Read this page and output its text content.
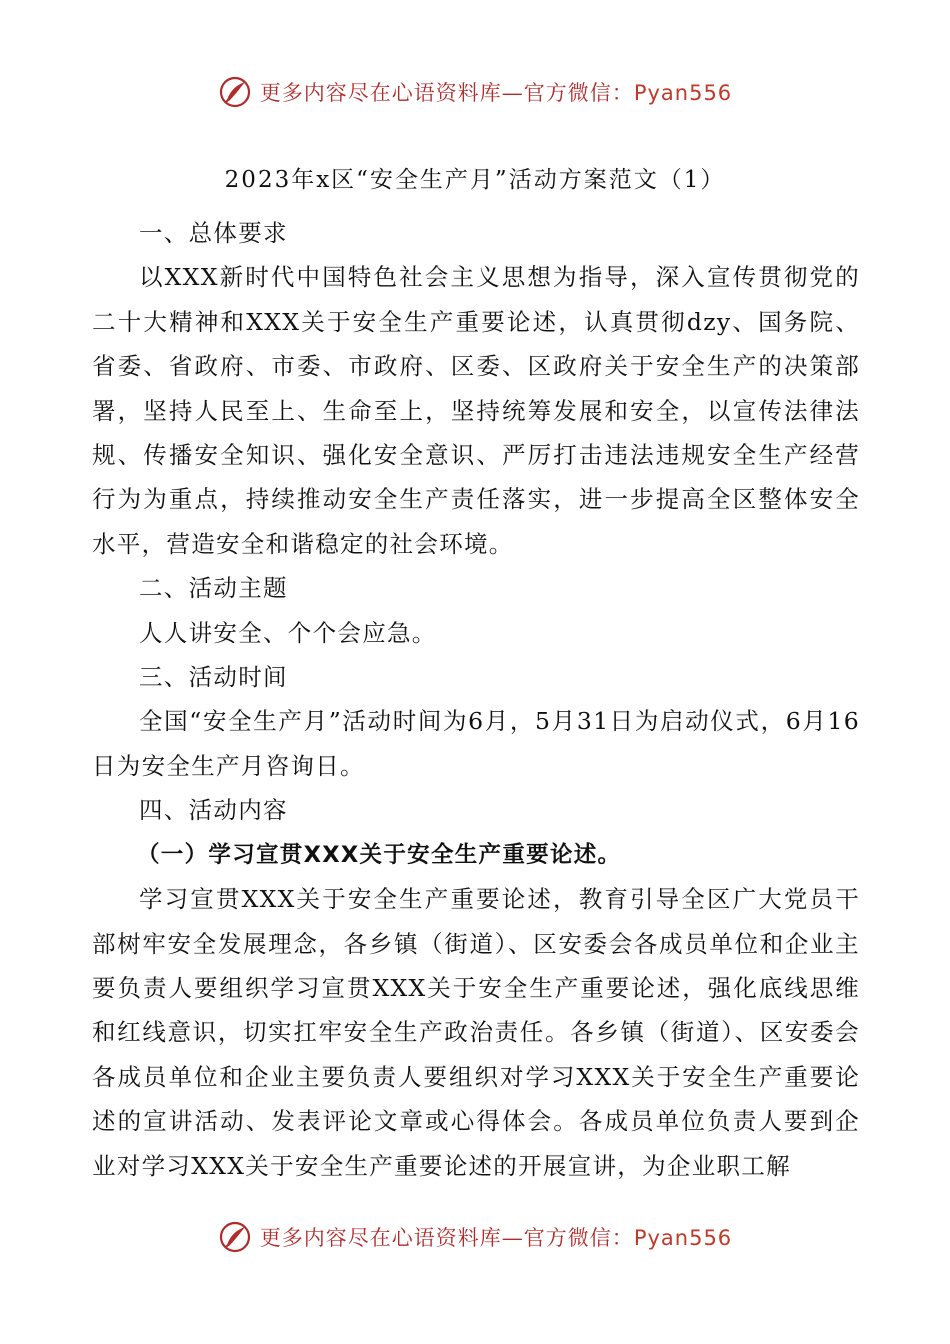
更多内容尽在心语资料库—官方微信：Pyan556
2023年x区“安全生产月”活动方案范文（1）

一、总体要求

以XXX新时代中国特色社会主义思想为指导，深入宣传贯彻党的二十大精神和XXX关于安全生产重要论述，认真贯彻dzy、国务院、省委、省政府、市委、市政府、区委、区政府关于安全生产的决策部署，坚持人民至上、生命至上，坚持统筹发展和安全，以宣传法律法规、传播安全知识、强化安全意识、严厉打击违法违规安全生产经营行为为重点，持续推动安全生产责任落实，进一步提高全区整体安全水平，营造安全和谐稳定的社会环境。

二、活动主题

人人讲安全、个个会应急。

三、活动时间

全国“安全生产月”活动时间为6月，5月31日为启动仪式，6月16日为安全生产月咨询日。

四、活动内容

（一）学习宣贯XXX关于安全生产重要论述。

学习宣贯XXX关于安全生产重要论述，教育引导全区广大党员干部树牢安全发展理念，各乡镇（街道）、区安委会各成员单位和企业主要负责人要组织学习宣贯XXX关于安全生产重要论述，强化底线思维和红线意识，切实扛牢安全生产政治责任。各乡镇（街道）、区安委会各成员单位和企业主要负责人要组织对学习XXX关于安全生产重要论述的宣讲活动、发表评论文章或心得体会。各成员单位负责人要到企业对学习XXX关于安全生产重要论述的开展宣讲，为企业职工解

更多内容尽在心语资料库—官方微信：Pyan556
